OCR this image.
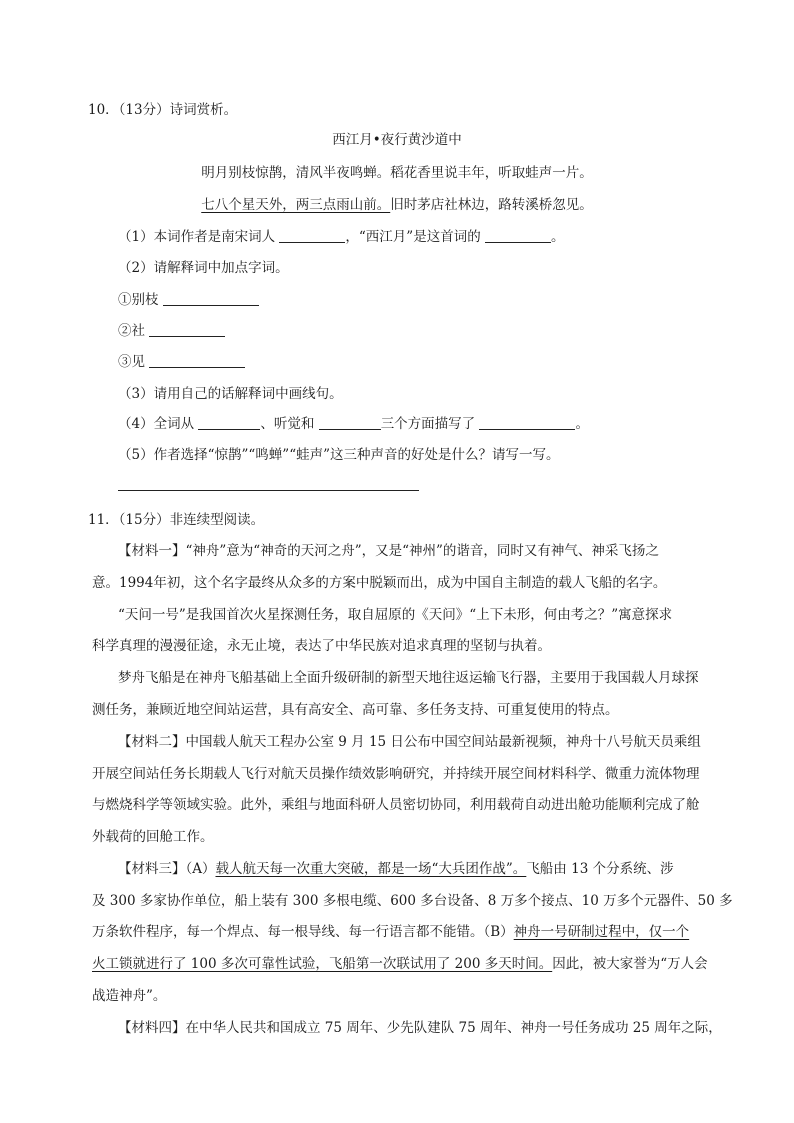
10．（13分）诗词赏析。
西江月•夜行黄沙道中
明月别枝惊鹊，清风半夜鸣蝉。稻花香里说丰年，听取蛙声一片。
七八个星天外，两三点雨山前。旧时茅店社林边，路转溪桥忽见。
（1）本词作者是南宋词人	，“西江月”是这首词的	。
（2）请解释词中加点字词。
①别枝
②社
③见
（3）请用自己的话解释词中画线句。
（4）全词从	、听觉和	三个方面描写了	。
（5）作者选择“惊鹊”“鸣蝉”“蛙声”这三种声音的好处是什么？请写一写。
11．（15分）非连续型阅读。
【材料一】“神舟”意为“神奇的天河之舟”，又是“神州”的谐音，同时又有神气、神采飞扬之
意。1994年初，这个名字最终从众多的方案中脱颖而出，成为中国自主制造的载人飞船的名字。
“天问一号”是我国首次火星探测任务，取自屈原的《天问》“上下未形，何由考之？”寓意探求
科学真理的漫漫征途，永无止境，表达了中华民族对追求真理的坚韧与执着。
梦舟飞船是在神舟飞船基础上全面升级研制的新型天地往返运输飞行器，主要用于我国载人月球探
测任务，兼顾近地空间站运营，具有高安全、高可靠、多任务支持、可重复使用的特点。
【材料二】中国载人航天工程办公室 9 月 15 日公布中国空间站最新视频，神舟十八号航天员乘组
开展空间站任务长期载人飞行对航天员操作绩效影响研究，并持续开展空间材料科学、微重力流体物理
与燃烧科学等领域实验。此外，乘组与地面科研人员密切协同，利用载荷自动进出舱功能顺利完成了舱
外载荷的回舱工作。
【材料三】（A）载人航天每一次重大突破，都是一场“大兵团作战”。飞船由 13 个分系统、涉
及 300 多家协作单位，船上装有 300 多根电缆、600 多台设备、8 万多个接点、10 万多个元器件、50 多
万条软件程序，每一个焊点、每一根导线、每一行语言都不能错。（B）神舟一号研制过程中，仅一个
火工锁就进行了 100 多次可靠性试验，飞船第一次联试用了 200 多天时间。因此，被大家誉为“万人会
战造神舟”。
【材料四】在中华人民共和国成立 75 周年、少先队建队 75 周年、神舟一号任务成功 25 周年之际，
